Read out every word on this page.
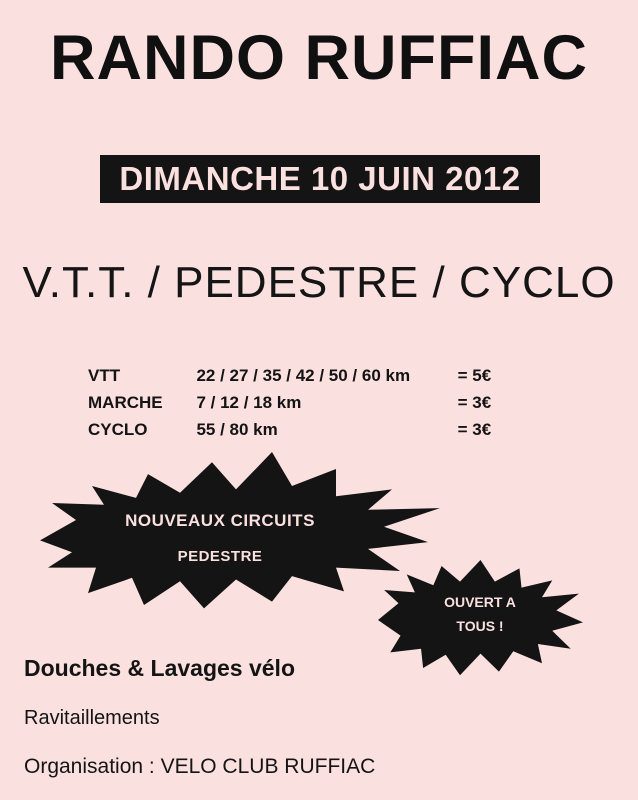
RANDO RUFFIAC
DIMANCHE 10 JUIN 2012
V.T.T. / PEDESTRE / CYCLO
VTT	22 / 27 / 35 / 42 / 50 / 60 km	= 5€
MARCHE	7 / 12 / 18 km	= 3€
CYCLO	55 / 80 km	= 3€
NOUVEAUX CIRCUITS
PEDESTRE
OUVERT A
TOUS !
Douches & Lavages vélo
Ravitaillements
Organisation : VELO CLUB RUFFIAC
